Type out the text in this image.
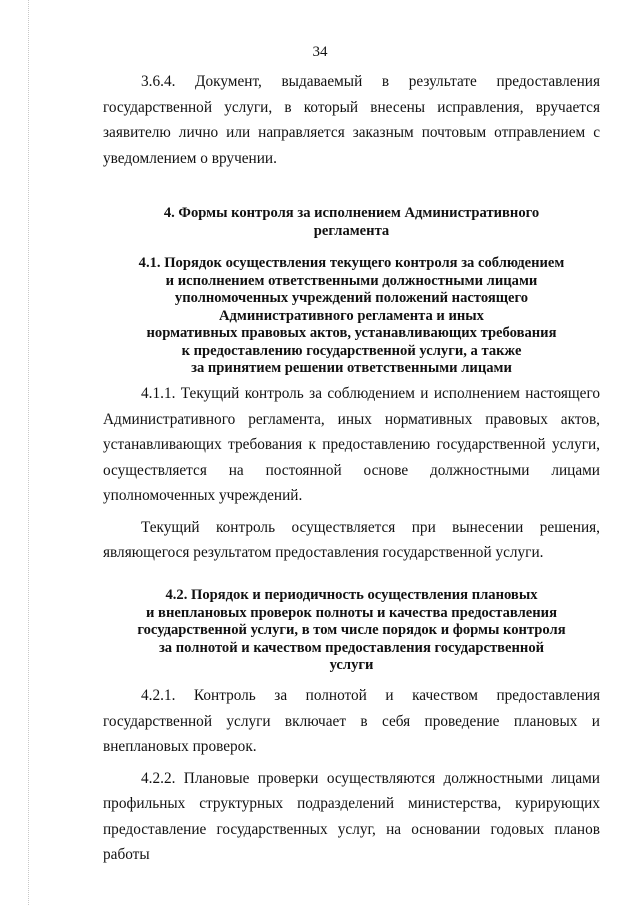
34

3.6.4. Документ, выдаваемый в результате предоставления государственной услуги, в который внесены исправления, вручается заявителю лично или направляется заказным почтовым отправлением с уведомлением о вручении.

4. Формы контроля за исполнением Административного
регламента
4.1. Порядок осуществления текущего контроля за соблюдением
и исполнением ответственными должностными лицами
уполномоченных учреждений положений настоящего
Административного регламента и иных
нормативных правовых актов, устанавливающих требования
к предоставлению государственной услуги, а также
за принятием решении ответственными лицами

4.1.1. Текущий контроль за соблюдением и исполнением настоящего Административного регламента, иных нормативных правовых актов, устанавливающих требования к предоставлению государственной услуги, осуществляется на постоянной основе должностными лицами уполномоченных учреждений.

Текущий контроль осуществляется при вынесении решения, являющегося результатом предоставления государственной услуги.

4.2. Порядок и периодичность осуществления плановых
и внеплановых проверок полноты и качества предоставления
государственной услуги, в том числе порядок и формы контроля
за полнотой и качеством предоставления государственной
услуги

4.2.1. Контроль за полнотой и качеством предоставления государственной услуги включает в себя проведение плановых и внеплановых проверок.

4.2.2. Плановые проверки осуществляются должностными лицами профильных структурных подразделений министерства, курирующих предоставление государственных услуг, на основании годовых планов работы
